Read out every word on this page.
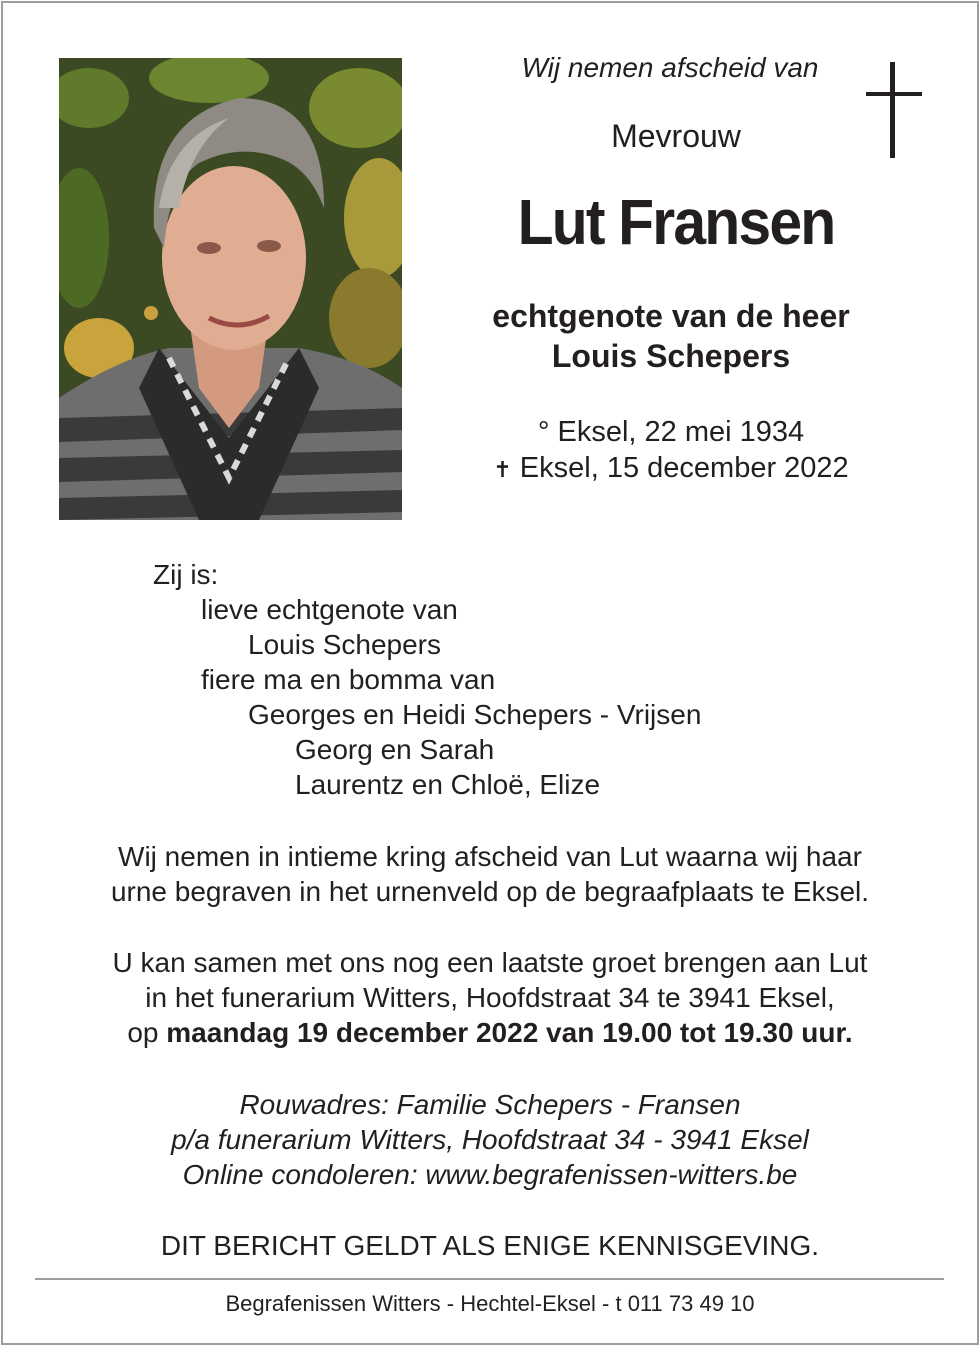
Wij nemen afscheid van
Mevrouw
Lut Fransen
echtgenote van de heer
Louis Schepers
° Eksel, 22 mei 1934
✝ Eksel, 15 december 2022
Zij is:
lieve echtgenote van
Louis Schepers
fiere ma en bomma van
Georges en Heidi Schepers - Vrijsen
Georg en Sarah
Laurentz en Chloë, Elize
Wij nemen in intieme kring afscheid van Lut waarna wij haar
urne begraven in het urnenveld op de begraafplaats te Eksel.
U kan samen met ons nog een laatste groet brengen aan Lut
in het funerarium Witters, Hoofdstraat 34 te 3941 Eksel,
op maandag 19 december 2022 van 19.00 tot 19.30 uur.
Rouwadres: Familie Schepers - Fransen
p/a funerarium Witters, Hoofdstraat 34 - 3941 Eksel
Online condoleren: www.begrafenissen-witters.be
DIT BERICHT GELDT ALS ENIGE KENNISGEVING.
Begrafenissen Witters - Hechtel-Eksel - t 011 73 49 10
